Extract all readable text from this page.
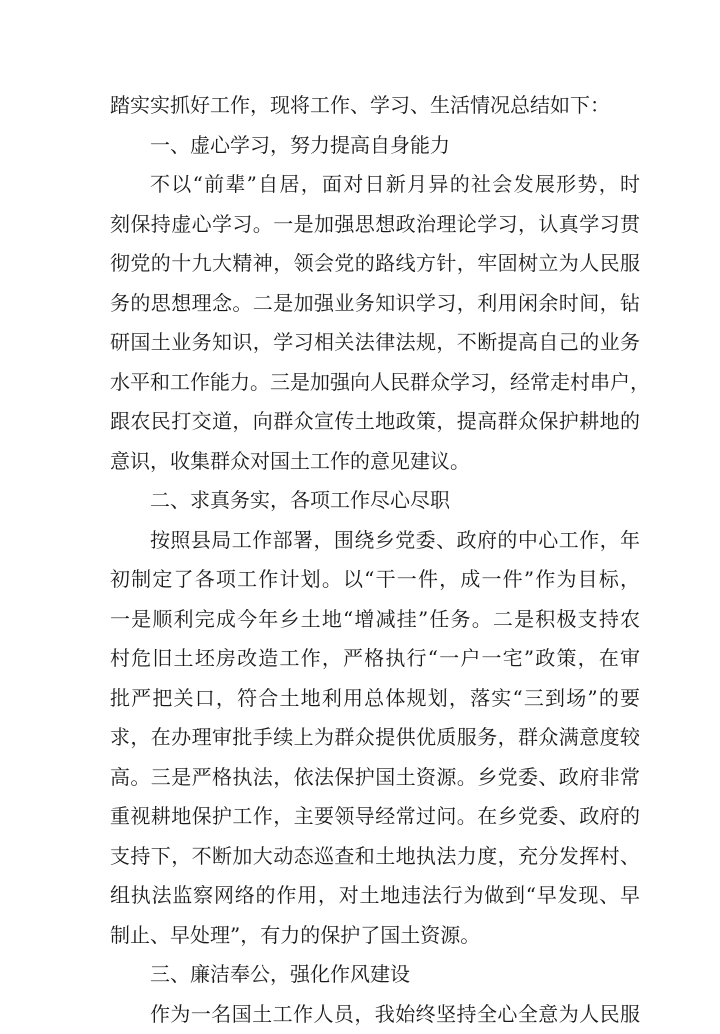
踏实实抓好工作，现将工作、学习、生活情况总结如下：
一、虚心学习，努力提高自身能力
不以“前辈”自居，面对日新月异的社会发展形势，时
刻保持虚心学习。一是加强思想政治理论学习，认真学习贯
彻党的十九大精神，领会党的路线方针，牢固树立为人民服
务的思想理念。二是加强业务知识学习，利用闲余时间，钻
研国土业务知识，学习相关法律法规，不断提高自己的业务
水平和工作能力。三是加强向人民群众学习，经常走村串户，
跟农民打交道，向群众宣传土地政策，提高群众保护耕地的
意识，收集群众对国土工作的意见建议。
二、求真务实，各项工作尽心尽职
按照县局工作部署，围绕乡党委、政府的中心工作，年
初制定了各项工作计划。以“干一件，成一件”作为目标，
一是顺利完成今年乡土地“增减挂”任务。二是积极支持农
村危旧土坯房改造工作，严格执行“一户一宅”政策，在审
批严把关口，符合土地利用总体规划，落实“三到场”的要
求，在办理审批手续上为群众提供优质服务，群众满意度较
高。三是严格执法，依法保护国土资源。乡党委、政府非常
重视耕地保护工作，主要领导经常过问。在乡党委、政府的
支持下，不断加大动态巡查和土地执法力度，充分发挥村、
组执法监察网络的作用，对土地违法行为做到“早发现、早
制止、早处理”，有力的保护了国土资源。
三、廉洁奉公，强化作风建设
作为一名国土工作人员，我始终坚持全心全意为人民服
